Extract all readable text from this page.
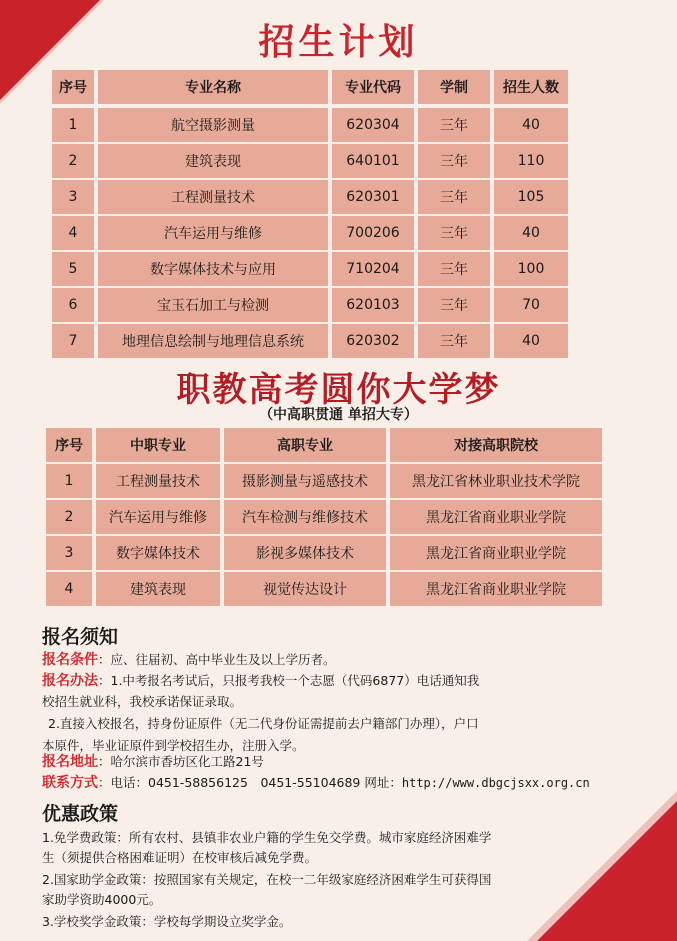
招生计划
序号	专业名称	专业代码	学制	招生人数
1	航空摄影测量	620304	三年	40
2	建筑表现	640101	三年	110
3	工程测量技术	620301	三年	105
4	汽车运用与维修	700206	三年	40
5	数字媒体技术与应用	710204	三年	100
6	宝玉石加工与检测	620103	三年	70
7	地理信息绘制与地理信息系统	620302	三年	40
职教高考圆你大学梦
（中高职贯通 单招大专）
序号	中职专业	高职专业	对接高职院校
1	工程测量技术	摄影测量与遥感技术	黑龙江省林业职业技术学院
2	汽车运用与维修	汽车检测与维修技术	黑龙江省商业职业学院
3	数字媒体技术	影视多媒体技术	黑龙江省商业职业学院
4	建筑表现	视觉传达设计	黑龙江省商业职业学院
报名须知
报名条件：应、往届初、高中毕业生及以上学历者。
报名办法：1.中考报名考试后，只报考我校一个志愿（代码6877）电话通知我
校招生就业科，我校承诺保证录取。
2.直接入校报名，持身份证原件（无二代身份证需提前去户籍部门办理），户口
本原件，毕业证原件到学校招生办，注册入学。
报名地址：哈尔滨市香坊区化工路21号
联系方式：电话：0451-58856125　0451-55104689 网址：http://www.dbgcjsxx.org.cn
优惠政策
1.免学费政策：所有农村、县镇非农业户籍的学生免交学费。城市家庭经济困难学
生（须提供合格困难证明）在校审核后减免学费。
2.国家助学金政策：按照国家有关规定，在校一二年级家庭经济困难学生可获得国
家助学资助4000元。
3.学校奖学金政策：学校每学期设立奖学金。
